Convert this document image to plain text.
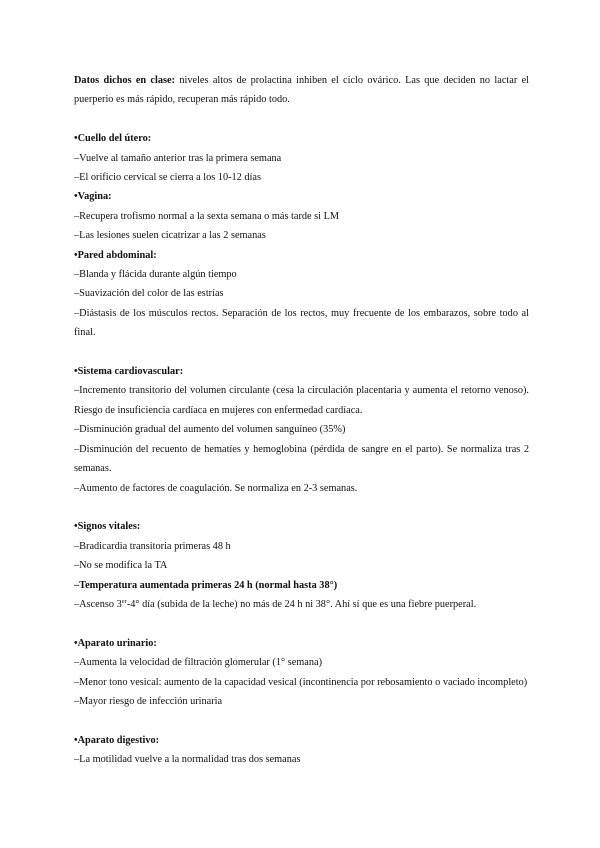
Datos dichos en clase: niveles altos de prolactina inhiben el ciclo ovárico. Las que deciden no lactar el puerperio es más rápido, recuperan más rápido todo.

•Cuello del útero:

–Vuelve al tamaño anterior tras la primera semana

–El orificio cervical se cierra a los 10-12 días

•Vagina:

–Recupera trofismo normal a la sexta semana o más tarde si LM

–Las lesiones suelen cicatrizar a las 2 semanas

•Pared abdominal:

–Blanda y flácida durante algún tiempo

–Suavización del color de las estrías

–Diástasis de los músculos rectos. Separación de los rectos, muy frecuente de los embarazos, sobre todo al final.

•Sistema cardiovascular:

–Incremento transitorio del volumen circulante (cesa la circulación placentaria y aumenta el retorno venoso). Riesgo de insuficiencia cardíaca en mujeres con enfermedad cardíaca.

–Disminución gradual del aumento del volumen sanguíneo (35%)

–Disminución del recuento de hematíes y hemoglobina (pérdida de sangre en el parto). Se normaliza tras 2 semanas.

–Aumento de factores de coagulación. Se normaliza en 2-3 semanas.

•Signos vitales:

–Bradicardia transitoria primeras 48 h

–No se modifica la TA

–Temperatura aumentada primeras 24 h (normal hasta 38°)

–Ascenso 3er-4° día (subida de la leche) no más de 24 h ni 38°. Ahí sí que es una fiebre puerperal.

•Aparato urinario:

–Aumenta la velocidad de filtración glomerular (1° semana)

–Menor tono vesical: aumento de la capacidad vesical (incontinencia por rebosamiento o vaciado incompleto)

–Mayor riesgo de infección urinaria

•Aparato digestivo:

–La motilidad vuelve a la normalidad tras dos semanas
